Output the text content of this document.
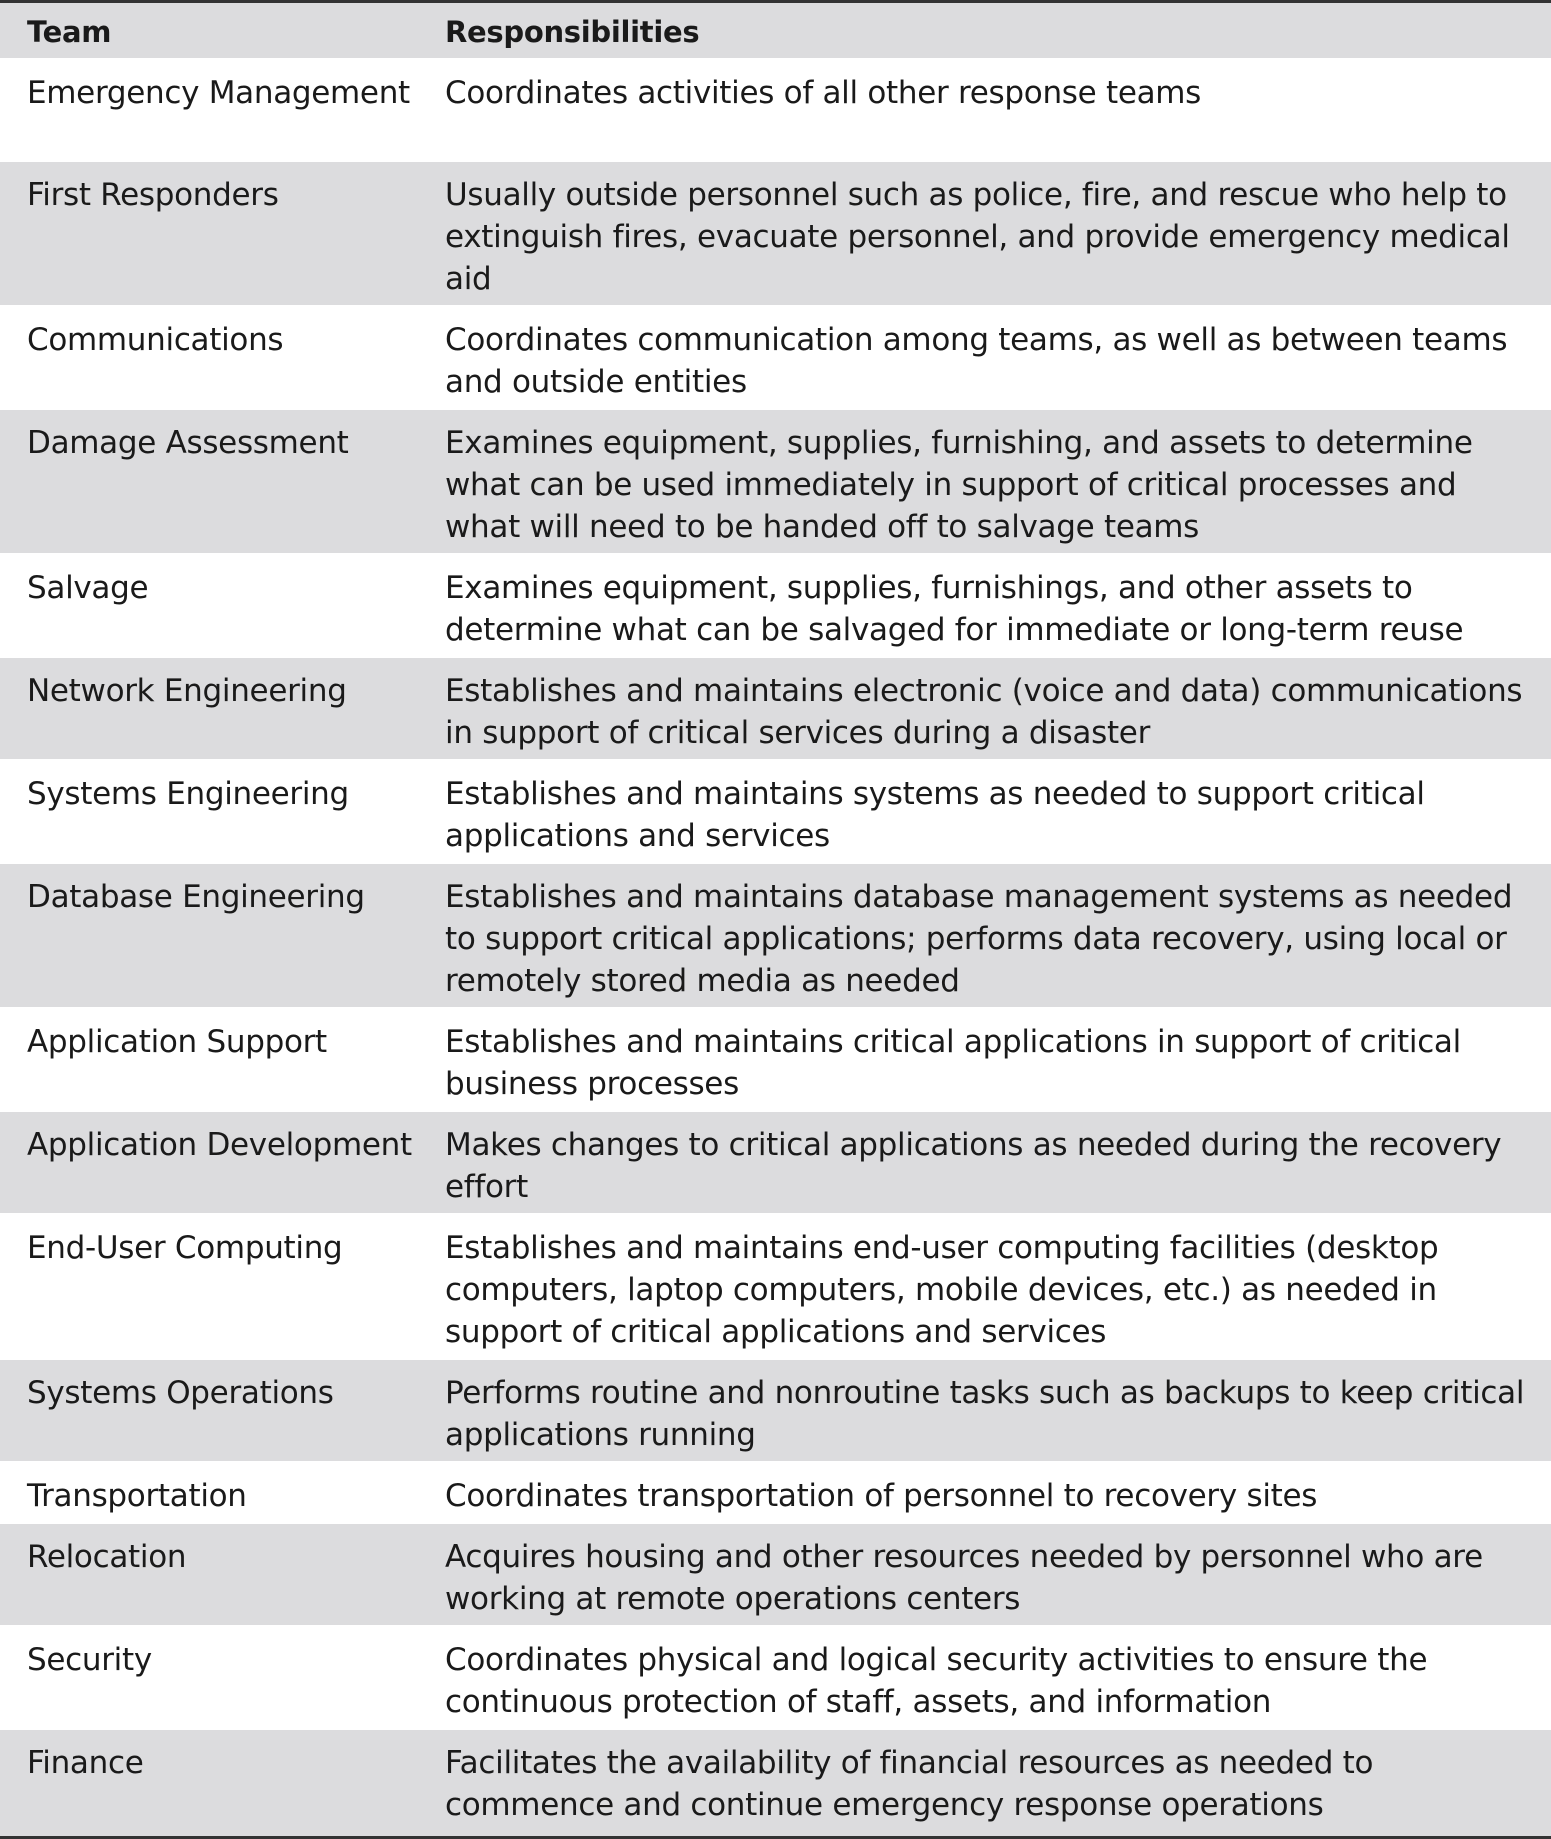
Team	Responsibilities
Emergency Management	Coordinates activities of all other response teams
First Responders	Usually outside personnel such as police, fire, and rescue who help to extinguish fires, evacuate personnel, and provide emergency medical aid
Communications	Coordinates communication among teams, as well as between teams and outside entities
Damage Assessment	Examines equipment, supplies, furnishing, and assets to determine what can be used immediately in support of critical processes and what will need to be handed off to salvage teams
Salvage	Examines equipment, supplies, furnishings, and other assets to determine what can be salvaged for immediate or long-term reuse
Network Engineering	Establishes and maintains electronic (voice and data) communications in support of critical services during a disaster
Systems Engineering	Establishes and maintains systems as needed to support critical applications and services
Database Engineering	Establishes and maintains database management systems as needed to support critical applications; performs data recovery, using local or remotely stored media as needed
Application Support	Establishes and maintains critical applications in support of critical business processes
Application Development	Makes changes to critical applications as needed during the recovery effort
End-User Computing	Establishes and maintains end-user computing facilities (desktop computers, laptop computers, mobile devices, etc.) as needed in support of critical applications and services
Systems Operations	Performs routine and nonroutine tasks such as backups to keep critical applications running
Transportation	Coordinates transportation of personnel to recovery sites
Relocation	Acquires housing and other resources needed by personnel who are working at remote operations centers
Security	Coordinates physical and logical security activities to ensure the continuous protection of staff, assets, and information
Finance	Facilitates the availability of financial resources as needed to commence and continue emergency response operations
